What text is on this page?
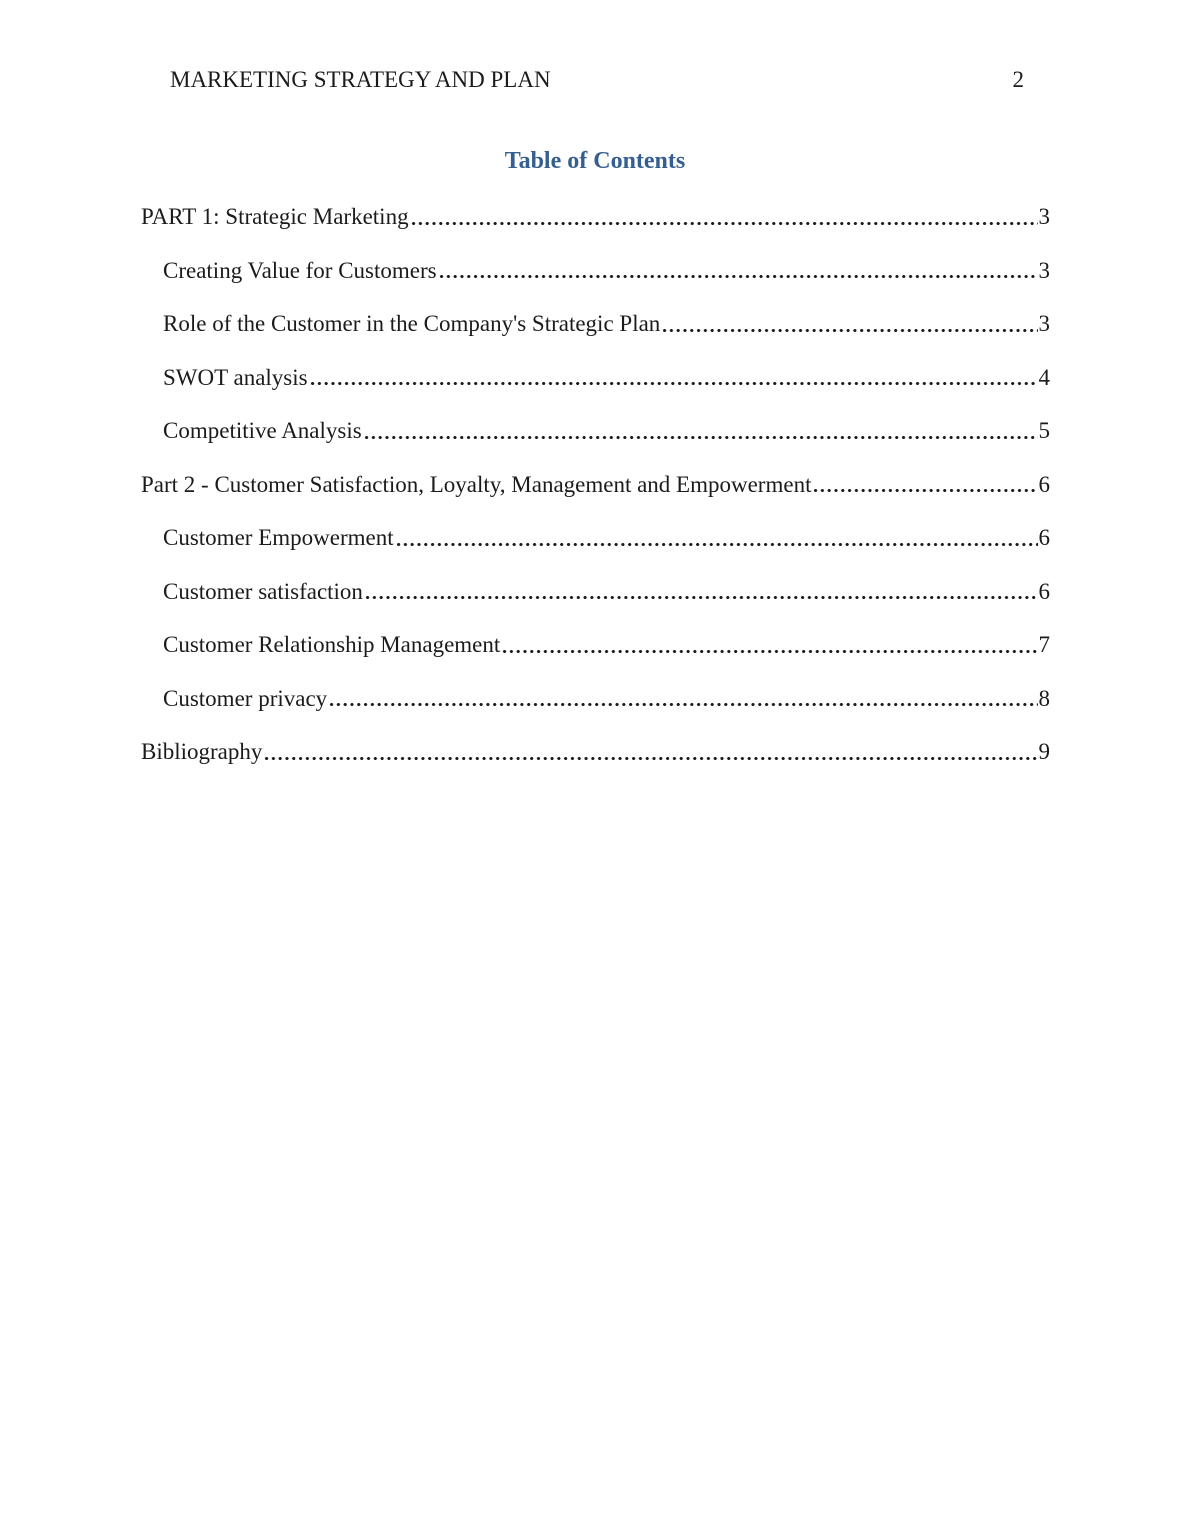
MARKETING STRATEGY AND PLAN	2
Table of Contents
PART 1: Strategic Marketing	3
Creating Value for Customers	3
Role of the Customer in the Company's Strategic Plan	3
SWOT analysis	4
Competitive Analysis	5
Part 2 - Customer Satisfaction, Loyalty, Management and Empowerment	6
Customer Empowerment	6
Customer satisfaction	6
Customer Relationship Management	7
Customer privacy	8
Bibliography	9
